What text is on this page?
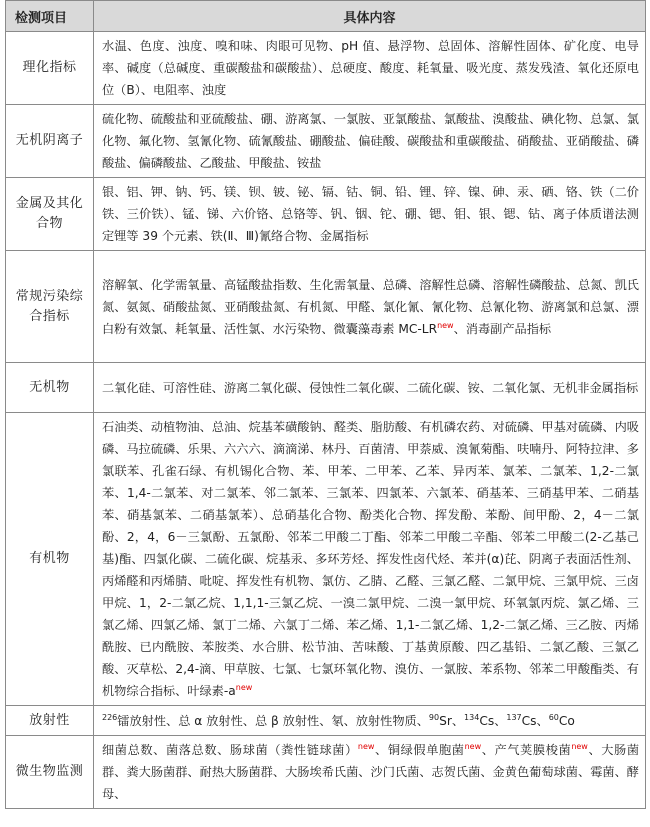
检测项目	具体内容
理化指标	水温、色度、浊度、嗅和味、肉眼可见物、pH 值、悬浮物、总固体、溶解性固体、矿化度、电导率、碱度（总碱度、重碳酸盐和碳酸盐）、总硬度、酸度、耗氧量、吸光度、蒸发残渣、氧化还原电位（B）、电阻率、浊度
无机阴离子	硫化物、硫酸盐和亚硫酸盐、硼、游离氯、一氯胺、亚氯酸盐、氯酸盐、溴酸盐、碘化物、总氯、氯化物、氟化物、氢氰化物、硫氰酸盐、硼酸盐、偏硅酸、碳酸盐和重碳酸盐、硝酸盐、亚硝酸盐、磷酸盐、偏磷酸盐、乙酸盐、甲酸盐、铵盐
金属及其化合物	银、铝、钾、钠、钙、镁、钡、铍、铋、镉、钴、铜、铅、锂、锌、镍、砷、汞、硒、铬、铁（二价铁、三价铁）、锰、锑、六价铬、总铬等、钒、铟、铊、硼、锶、钼、银、锶、钻、离子体质谱法测定锂等 39 个元素、铁(Ⅱ、Ⅲ)氰络合物、金属指标
常规污染综合指标	溶解氧、化学需氧量、高锰酸盐指数、生化需氧量、总磷、溶解性总磷、溶解性磷酸盐、总氮、凯氏氮、氨氮、硝酸盐氮、亚硝酸盐氮、有机氮、甲醛、氯化氰、氰化物、总氰化物、游离氯和总氯、漂白粉有效氯、耗氧量、活性氯、水污染物、微囊藻毒素 $MC-LR^{new}$、消毒副产品指标
无机物	二氧化硅、可溶性硅、游离二氧化碳、侵蚀性二氧化碳、二硫化碳、铵、二氧化氯、无机非金属指标
有机物	石油类、动植物油、总油、烷基苯磺酸钠、醛类、脂肪酸、有机磷农药、对硫磷、甲基对硫磷、内吸磷、马拉硫磷、乐果、六六六、滴滴涕、林丹、百菌清、甲萘威、溴氰菊酯、呋喃丹、阿特拉津、多氯联苯、孔雀石绿、有机锡化合物、苯、甲苯、二甲苯、乙苯、异丙苯、氯苯、二氯苯、1,2-二氯苯、1,4-二氯苯、对二氯苯、邻二氯苯、三氯苯、四氯苯、六氯苯、硝基苯、三硝基甲苯、二硝基苯、硝基氯苯、二硝基氯苯）、总硝基化合物、酚类化合物、挥发酚、苯酚、间甲酚、2，4－二氯酚、2，4，6－三氯酚、五氯酚、邻苯二甲酸二丁酯、邻苯二甲酸二辛酯、邻苯二甲酸二(2-乙基己基)酯、四氯化碳、二硫化碳、烷基汞、多环芳烃、挥发性卤代烃、苯并(α)芘、阴离子表面活性剂、丙烯醛和丙烯腈、吡啶、挥发性有机物、氯仿、乙腈、乙醛、三氯乙醛、二氯甲烷、三氯甲烷、三卤甲烷、1，2-二氯乙烷、1,1,1-三氯乙烷、一溴二氯甲烷、二溴一氯甲烷、环氧氯丙烷、氯乙烯、三氯乙烯、四氯乙烯、氯丁二烯、六氯丁二烯、苯乙烯、1,1-二氯乙烯、1,2-二氯乙烯、三乙胺、丙烯酰胺、已内酰胺、苯胺类、水合肼、松节油、苦味酸、丁基黄原酸、四乙基铅、二氯乙酸、三氯乙酸、灭草松、2,4-滴、甲草胺、七氯、七氯环氧化物、溴仿、一氯胺、苯系物、邻苯二甲酸酯类、有机物综合指标、叶绿素$-a^{new}$
放射性	$^{226}$镭放射性、总 α 放射性、总 β 放射性、氡、放射性物质、$^{90}$Sr、$^{134}$Cs、$^{137}$Cs、$^{60}$Co
微生物监测	细菌总数、菌落总数、肠球菌（粪性链球菌）$^{new}$、铜绿假单胞菌$^{new}$、产气荚膜梭菌$^{new}$、大肠菌群、粪大肠菌群、耐热大肠菌群、大肠埃希氏菌、沙门氏菌、志贺氏菌、金黄色葡萄球菌、霉菌、酵母、
